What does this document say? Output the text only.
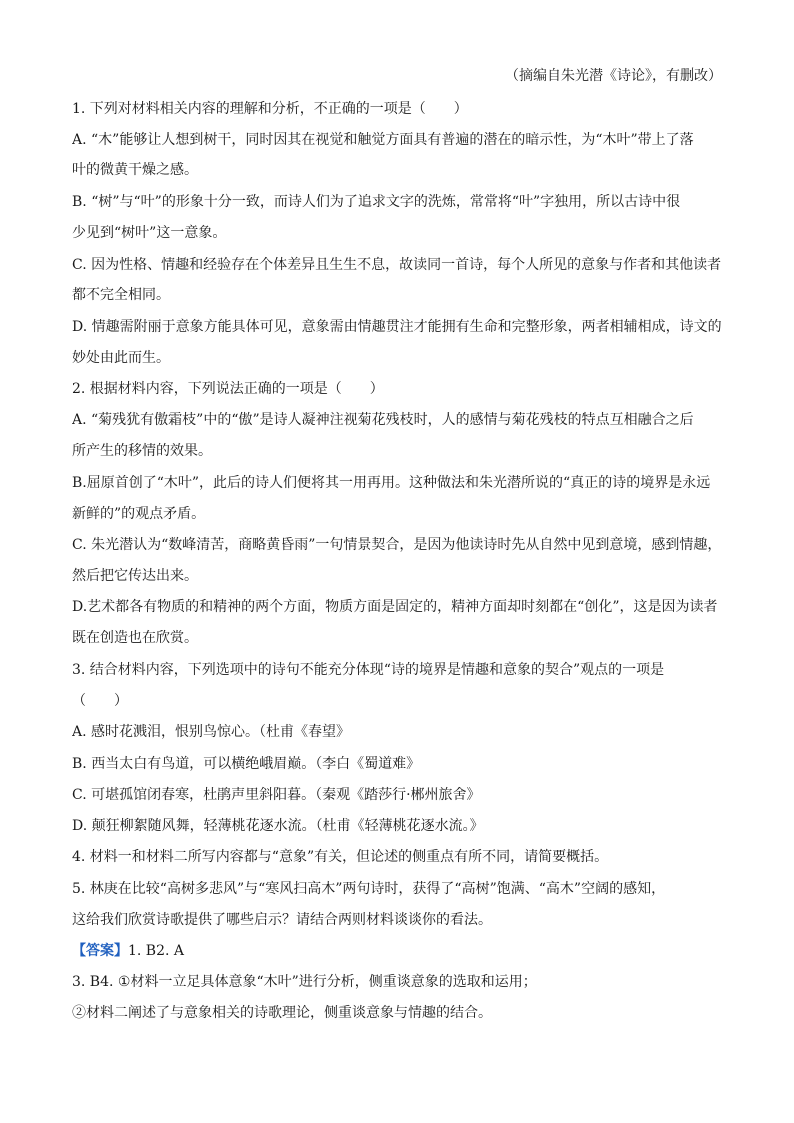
（摘编自朱光潜《诗论》，有删改）
1. 下列对材料相关内容的理解和分析，不正确的一项是（　　）
A. “木”能够让人想到树干，同时因其在视觉和触觉方面具有普遍的潜在的暗示性，为“木叶”带上了落
叶的微黄干燥之感。
B. “树”与“叶”的形象十分一致，而诗人们为了追求文字的洗炼，常常将“叶”字独用，所以古诗中很
少见到“树叶”这一意象。
C. 因为性格、情趣和经验存在个体差异且生生不息，故读同一首诗，每个人所见的意象与作者和其他读者
都不完全相同。
D. 情趣需附丽于意象方能具体可见，意象需由情趣贯注才能拥有生命和完整形象，两者相辅相成，诗文的
妙处由此而生。
2. 根据材料内容，下列说法正确的一项是（　　）
A. “菊残犹有傲霜枝”中的“傲”是诗人凝神注视菊花残枝时，人的感情与菊花残枝的特点互相融合之后
所产生的移情的效果。
B.屈原首创了“木叶”，此后的诗人们便将其一用再用。这种做法和朱光潜所说的“真正的诗的境界是永远
新鲜的”的观点矛盾。
C. 朱光潜认为“数峰清苦，商略黄昏雨”一句情景契合，是因为他读诗时先从自然中见到意境，感到情趣，
然后把它传达出来。
D.艺术都各有物质的和精神的两个方面，物质方面是固定的，精神方面却时刻都在“创化”，这是因为读者
既在创造也在欣赏。
3. 结合材料内容，下列选项中的诗句不能充分体现“诗的境界是情趣和意象的契合”观点的一项是
（　　）
A. 感时花溅泪，恨别鸟惊心。（杜甫《春望》
B. 西当太白有鸟道，可以横绝峨眉巅。（李白《蜀道难》
C. 可堪孤馆闭春寒，杜鹃声里斜阳暮。（秦观《踏莎行·郴州旅舍》
D. 颠狂柳絮随风舞，轻薄桃花逐水流。（杜甫《轻薄桃花逐水流。》
4. 材料一和材料二所写内容都与“意象”有关，但论述的侧重点有所不同，请简要概括。
5. 林庚在比较“高树多悲风”与“寒风扫高木”两句诗时，获得了“高树”饱满、“高木”空阔的感知，
这给我们欣赏诗歌提供了哪些启示？请结合两则材料谈谈你的看法。
【答案】1. B2. A
3. B4. ①材料一立足具体意象“木叶”进行分析，侧重谈意象的选取和运用；
②材料二阐述了与意象相关的诗歌理论，侧重谈意象与情趣的结合。
